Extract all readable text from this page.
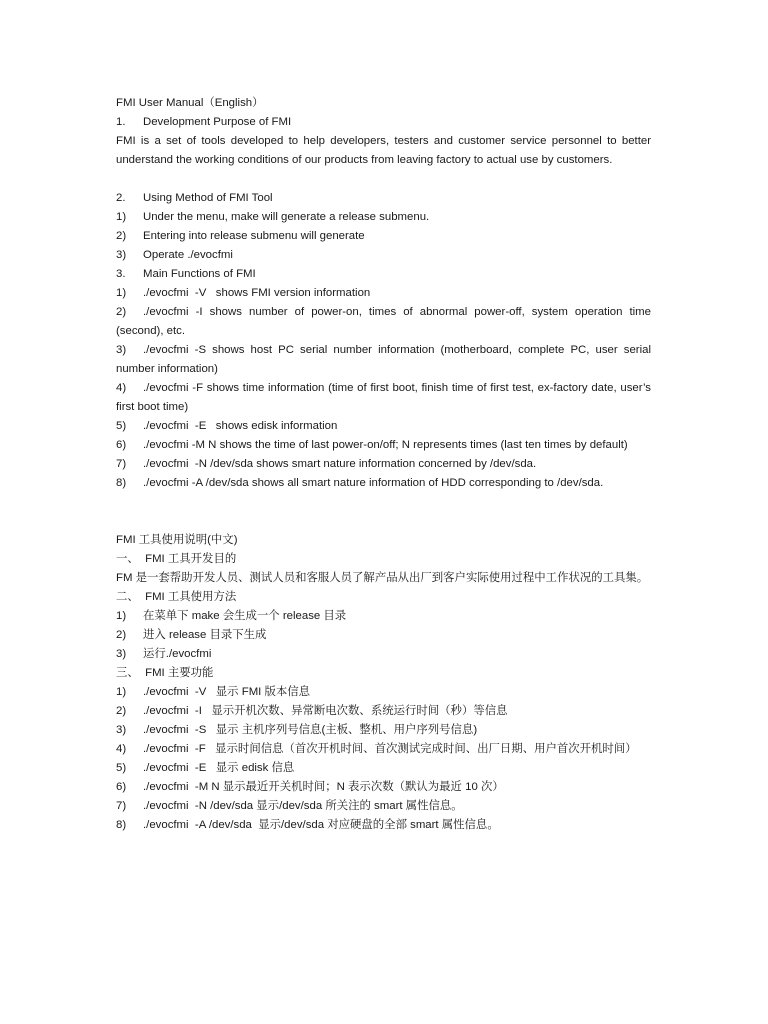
FMI User Manual（English）
1.	Development Purpose of FMI
FMI is a set of tools developed to help developers, testers and customer service personnel to better understand the working conditions of our products from leaving factory to actual use by customers.
2.	Using Method of FMI Tool
1)	Under the menu, make will generate a release submenu.
2)	Entering into release submenu will generate
3)	Operate ./evocfmi
3.	Main Functions of FMI
1)	./evocfmi  -V   shows FMI version information
2) ./evocfmi -I shows number of power-on, times of abnormal power-off, system operation time (second), etc.
3) ./evocfmi -S shows host PC serial number information (motherboard, complete PC, user serial number information)
4) ./evocfmi -F shows time information (time of first boot, finish time of first test, ex-factory date, user’s first boot time)
5)	./evocfmi  -E   shows edisk information
6) ./evocfmi -M N shows the time of last power-on/off; N represents times (last ten times by default)
7)	./evocfmi  -N /dev/sda shows smart nature information concerned by /dev/sda.
8) ./evocfmi -A /dev/sda shows all smart nature information of HDD corresponding to /dev/sda.
FMI 工具使用说明(中文)
一、  FMI 工具开发目的
FM 是一套帮助开发人员、测试人员和客服人员了解产品从出厂到客户实际使用过程中工作状况的工具集。
二、  FMI 工具使用方法
1)	在菜单下 make 会生成一个 release 目录
2)	进入 release 目录下生成
3)	运行./evocfmi
三、  FMI 主要功能
1)	./evocfmi  -V   显示 FMI 版本信息
2)	./evocfmi  -I   显示开机次数、异常断电次数、系统运行时间（秒）等信息
3)	./evocfmi  -S   显示 主机序列号信息(主板、整机、用户序列号信息)
4)	./evocfmi  -F   显示时间信息（首次开机时间、首次测试完成时间、出厂日期、用户首次开机时间）
5)	./evocfmi  -E   显示 edisk 信息
6)	./evocfmi  -M N 显示最近开关机时间；N 表示次数（默认为最近 10 次）
7)	./evocfmi  -N /dev/sda 显示/dev/sda 所关注的 smart 属性信息。
8)	./evocfmi  -A /dev/sda  显示/dev/sda 对应硬盘的全部 smart 属性信息。
